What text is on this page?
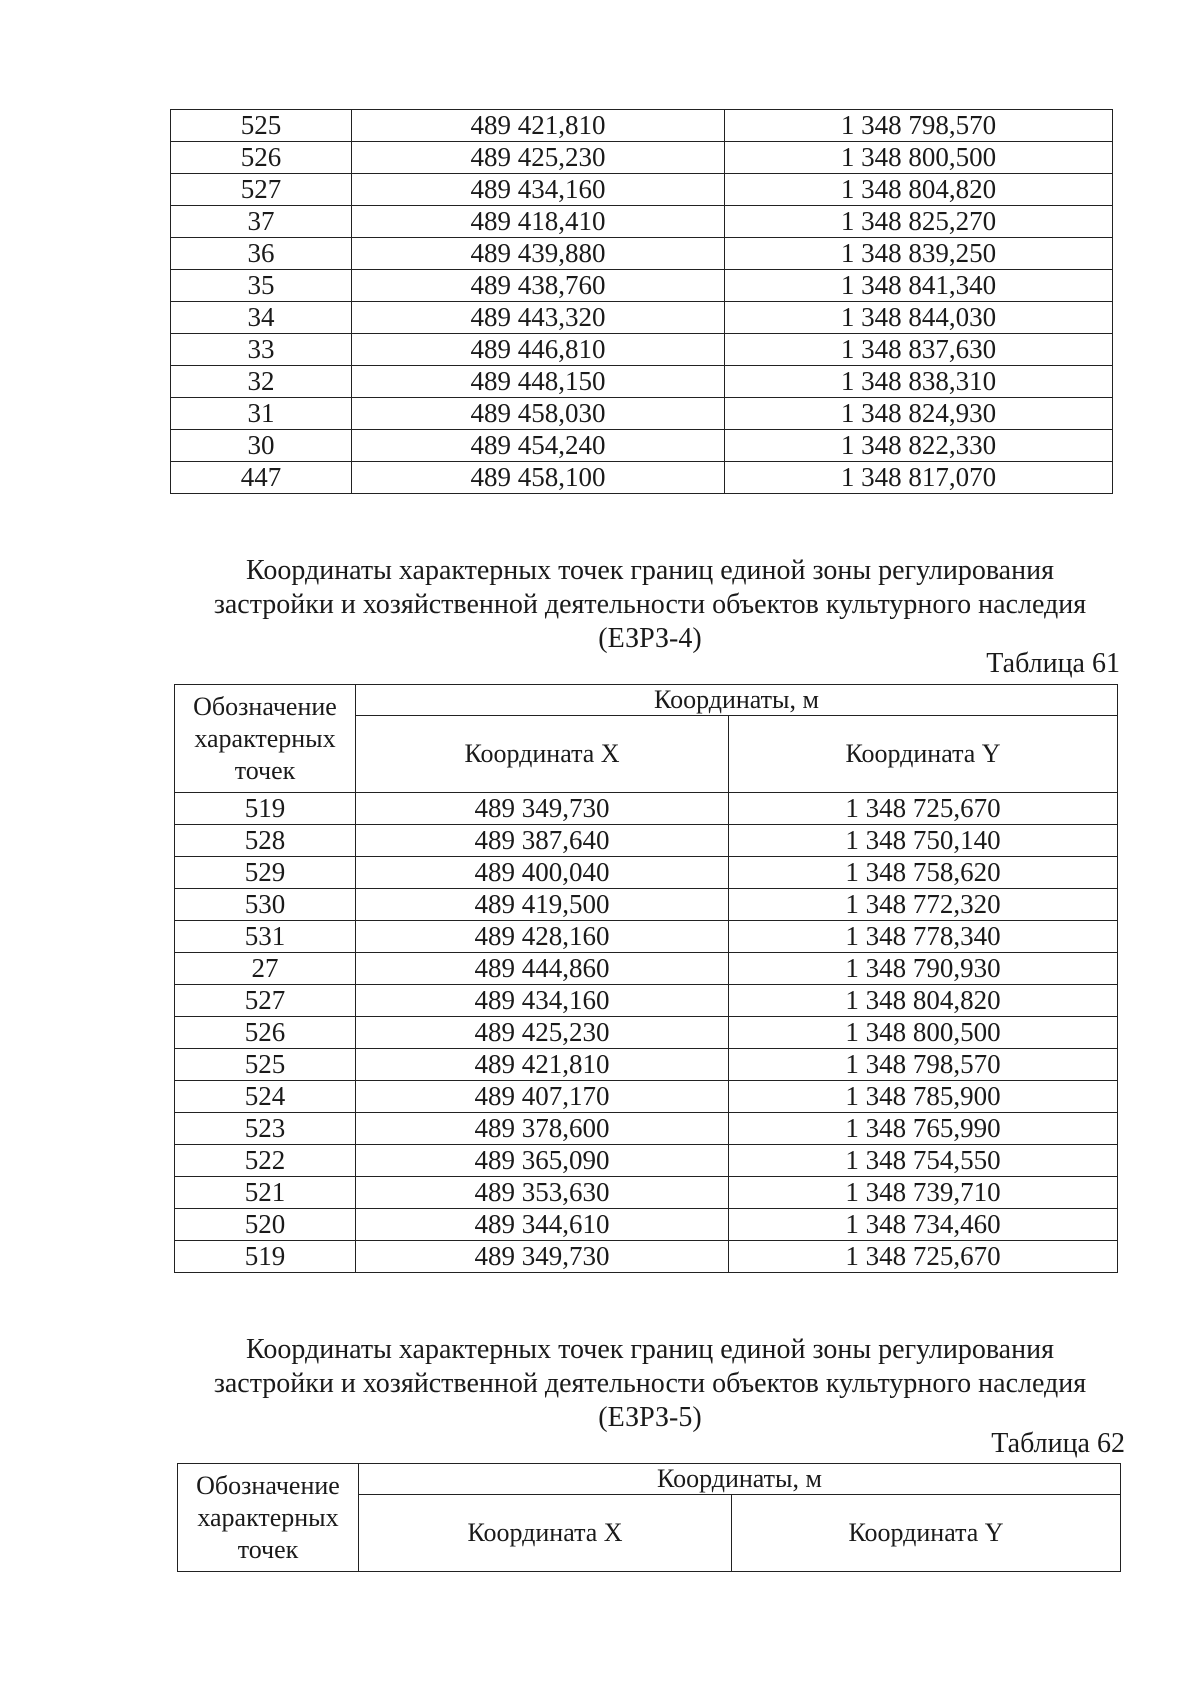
525	489 421,810	1 348 798,570
526	489 425,230	1 348 800,500
527	489 434,160	1 348 804,820
37	489 418,410	1 348 825,270
36	489 439,880	1 348 839,250
35	489 438,760	1 348 841,340
34	489 443,320	1 348 844,030
33	489 446,810	1 348 837,630
32	489 448,150	1 348 838,310
31	489 458,030	1 348 824,930
30	489 454,240	1 348 822,330
447	489 458,100	1 348 817,070
Координаты характерных точек границ единой зоны регулирования
застройки и хозяйственной деятельности объектов культурного наследия
(ЕЗРЗ-4)
Таблица 61
Обозначение характерных точек	Координаты, м	
	Координата X	Координата Y
519	489 349,730	1 348 725,670
528	489 387,640	1 348 750,140
529	489 400,040	1 348 758,620
530	489 419,500	1 348 772,320
531	489 428,160	1 348 778,340
27	489 444,860	1 348 790,930
527	489 434,160	1 348 804,820
526	489 425,230	1 348 800,500
525	489 421,810	1 348 798,570
524	489 407,170	1 348 785,900
523	489 378,600	1 348 765,990
522	489 365,090	1 348 754,550
521	489 353,630	1 348 739,710
520	489 344,610	1 348 734,460
519	489 349,730	1 348 725,670
Координаты характерных точек границ единой зоны регулирования
застройки и хозяйственной деятельности объектов культурного наследия
(ЕЗРЗ-5)
Таблица 62
Обозначение характерных точек	Координаты, м	
	Координата X	Координата Y
